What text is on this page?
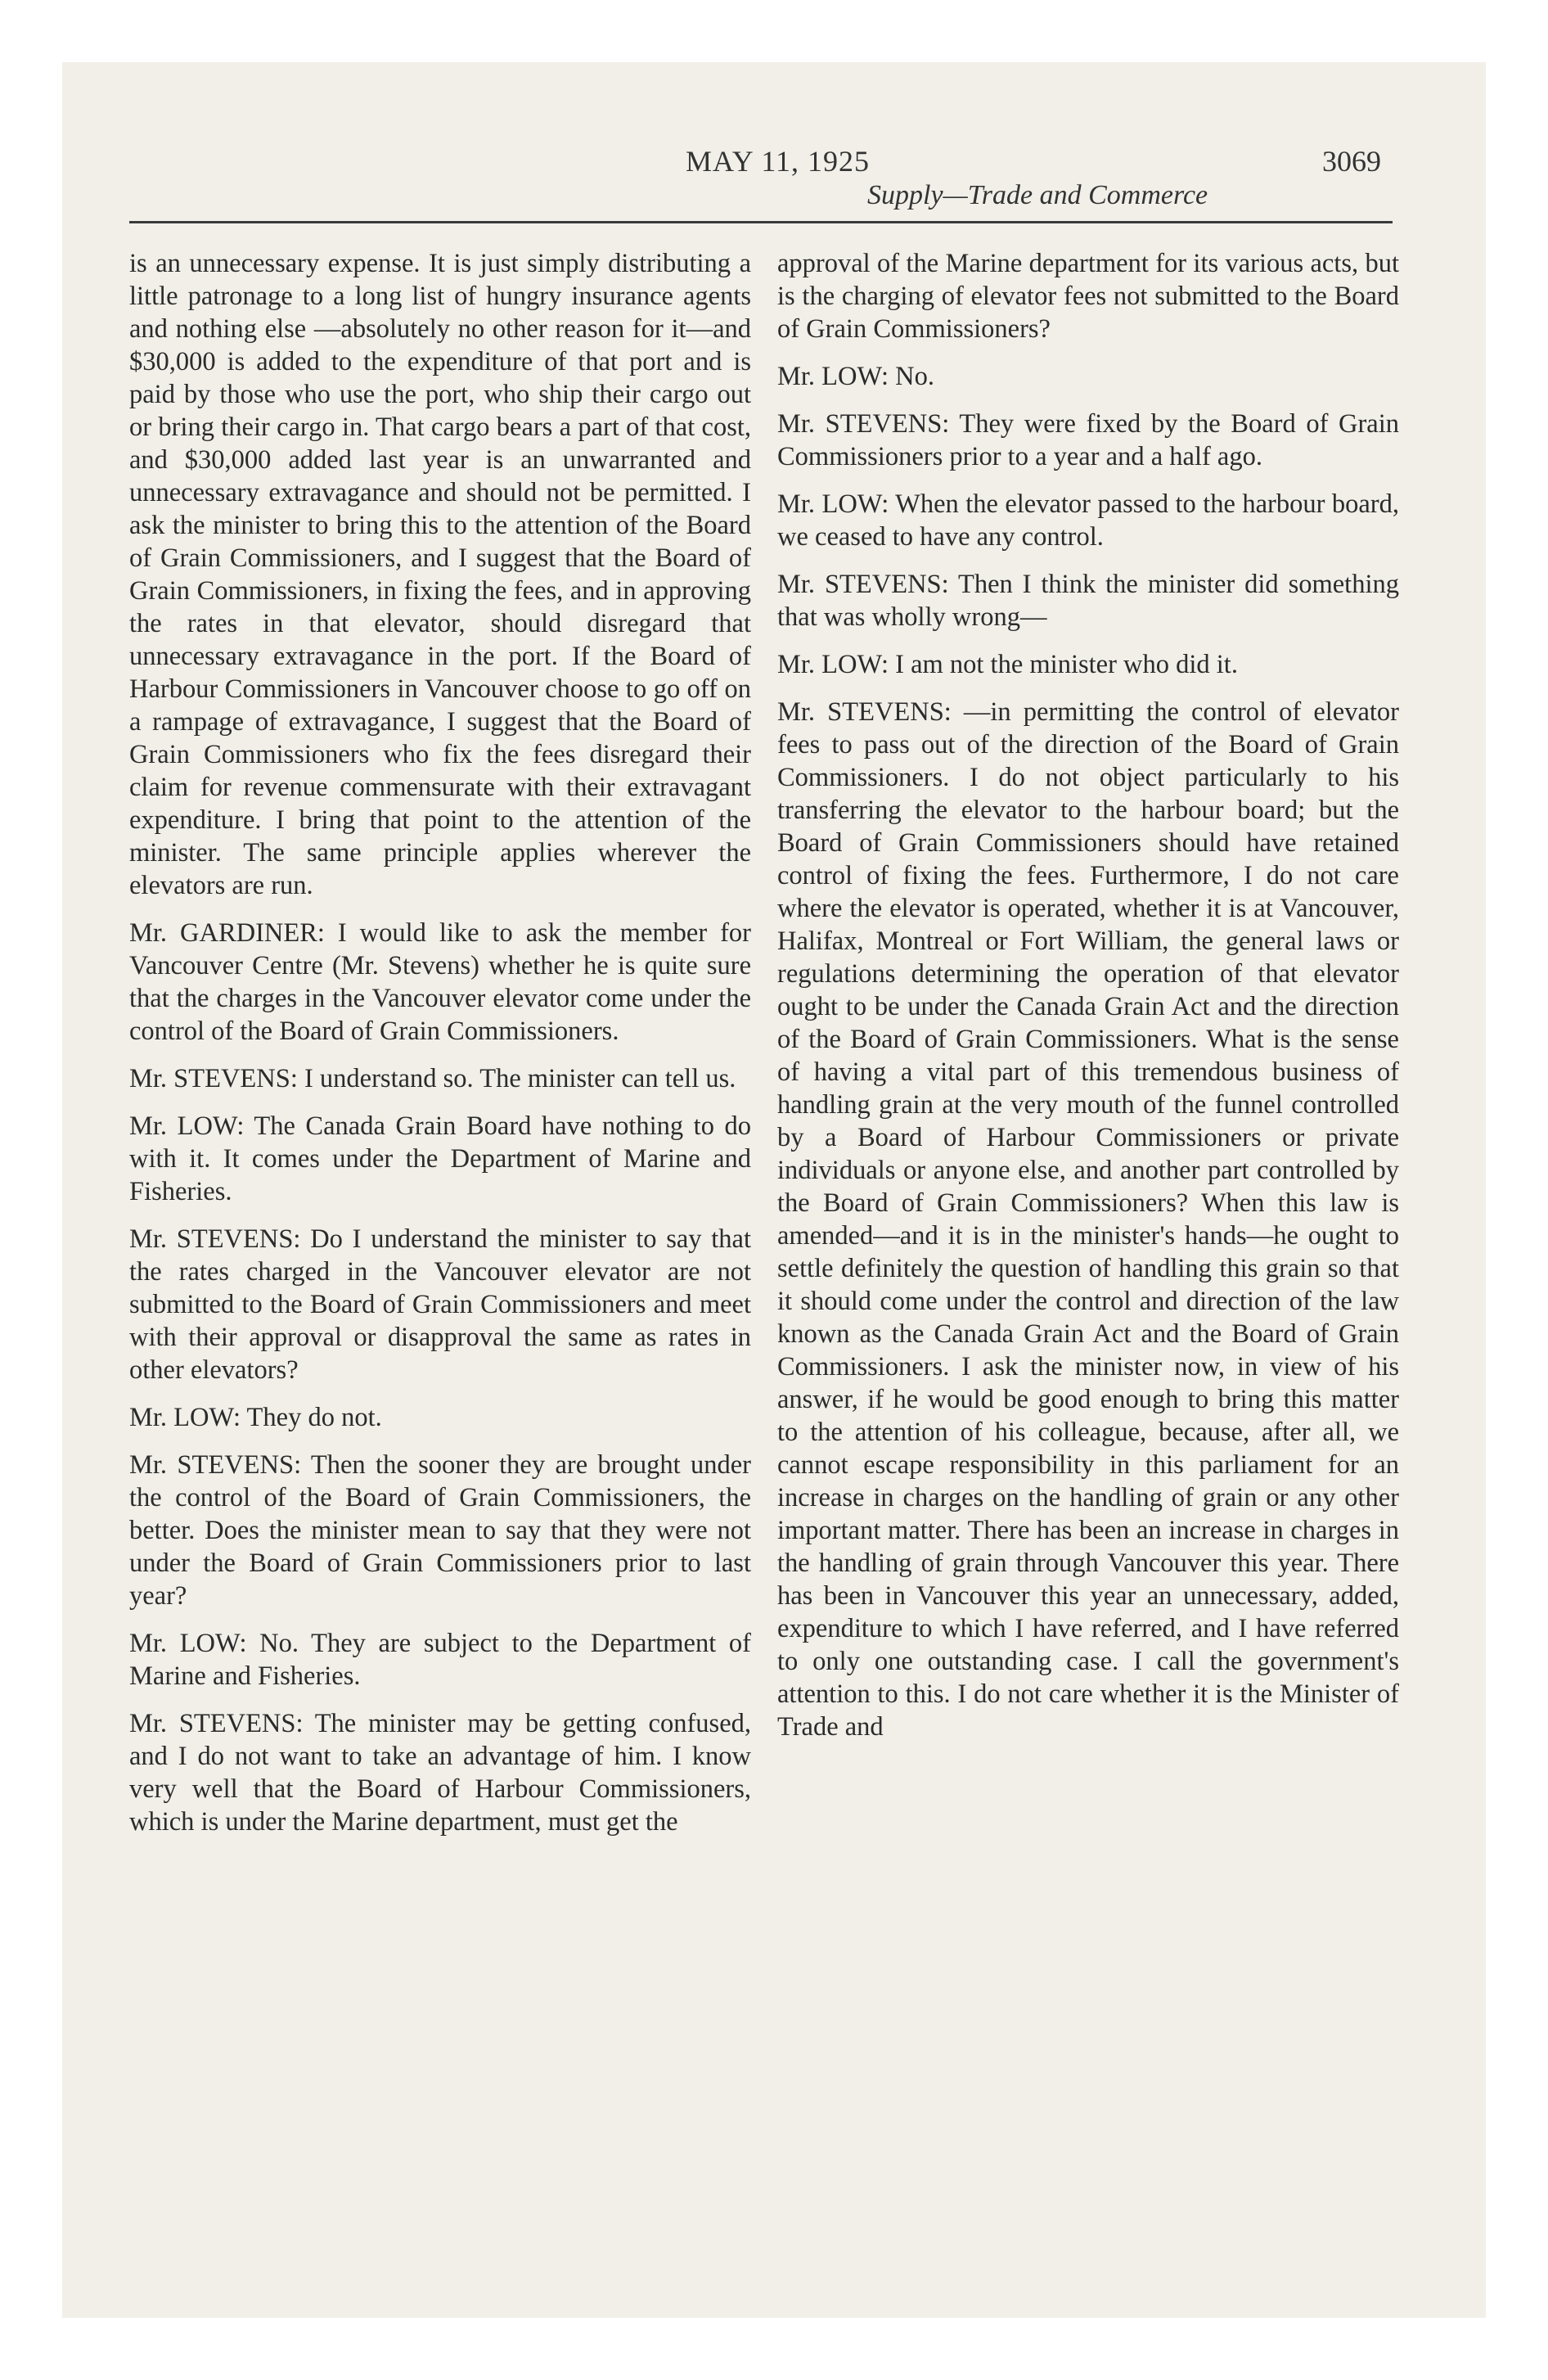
MAY 11, 1925	3069
Supply—Trade and Commerce

is an unnecessary expense. It is just simply distributing a little patronage to a long list of hungry insurance agents and nothing else —absolutely no other reason for it—and $30,000 is added to the expenditure of that port and is paid by those who use the port, who ship their cargo out or bring their cargo in. That cargo bears a part of that cost, and $30,000 added last year is an unwarranted and unnecessary extravagance and should not be permitted. I ask the minister to bring this to the attention of the Board of Grain Commissioners, and I suggest that the Board of Grain Commissioners, in fixing the fees, and in approving the rates in that elevator, should disregard that unnecessary extravagance in the port. If the Board of Harbour Commissioners in Vancouver choose to go off on a rampage of extravagance, I suggest that the Board of Grain Commissioners who fix the fees disregard their claim for revenue commensurate with their extravagant expenditure. I bring that point to the attention of the minister. The same principle applies wherever the elevators are run.

Mr. GARDINER: I would like to ask the member for Vancouver Centre (Mr. Stevens) whether he is quite sure that the charges in the Vancouver elevator come under the control of the Board of Grain Commissioners.

Mr. STEVENS: I understand so. The minister can tell us.

Mr. LOW: The Canada Grain Board have nothing to do with it. It comes under the Department of Marine and Fisheries.

Mr. STEVENS: Do I understand the minister to say that the rates charged in the Vancouver elevator are not submitted to the Board of Grain Commissioners and meet with their approval or disapproval the same as rates in other elevators?

Mr. LOW: They do not.

Mr. STEVENS: Then the sooner they are brought under the control of the Board of Grain Commissioners, the better. Does the minister mean to say that they were not under the Board of Grain Commissioners prior to last year?

Mr. LOW: No. They are subject to the Department of Marine and Fisheries.

Mr. STEVENS: The minister may be getting confused, and I do not want to take an advantage of him. I know very well that the Board of Harbour Commissioners, which is under the Marine department, must get the

approval of the Marine department for its various acts, but is the charging of elevator fees not submitted to the Board of Grain Commissioners?

Mr. LOW: No.

Mr. STEVENS: They were fixed by the Board of Grain Commissioners prior to a year and a half ago.

Mr. LOW: When the elevator passed to the harbour board, we ceased to have any control.

Mr. STEVENS: Then I think the minister did something that was wholly wrong—

Mr. LOW: I am not the minister who did it.

Mr. STEVENS: —in permitting the control of elevator fees to pass out of the direction of the Board of Grain Commissioners. I do not object particularly to his transferring the elevator to the harbour board; but the Board of Grain Commissioners should have retained control of fixing the fees. Furthermore, I do not care where the elevator is operated, whether it is at Vancouver, Halifax, Montreal or Fort William, the general laws or regulations determining the operation of that elevator ought to be under the Canada Grain Act and the direction of the Board of Grain Commissioners. What is the sense of having a vital part of this tremendous business of handling grain at the very mouth of the funnel controlled by a Board of Harbour Commissioners or private individuals or anyone else, and another part controlled by the Board of Grain Commissioners? When this law is amended—and it is in the minister's hands—he ought to settle definitely the question of handling this grain so that it should come under the control and direction of the law known as the Canada Grain Act and the Board of Grain Commissioners. I ask the minister now, in view of his answer, if he would be good enough to bring this matter to the attention of his colleague, because, after all, we cannot escape responsibility in this parliament for an increase in charges on the handling of grain or any other important matter. There has been an increase in charges in the handling of grain through Vancouver this year. There has been in Vancouver this year an unnecessary, added, expenditure to which I have referred, and I have referred to only one outstanding case. I call the government's attention to this. I do not care whether it is the Minister of Trade and
